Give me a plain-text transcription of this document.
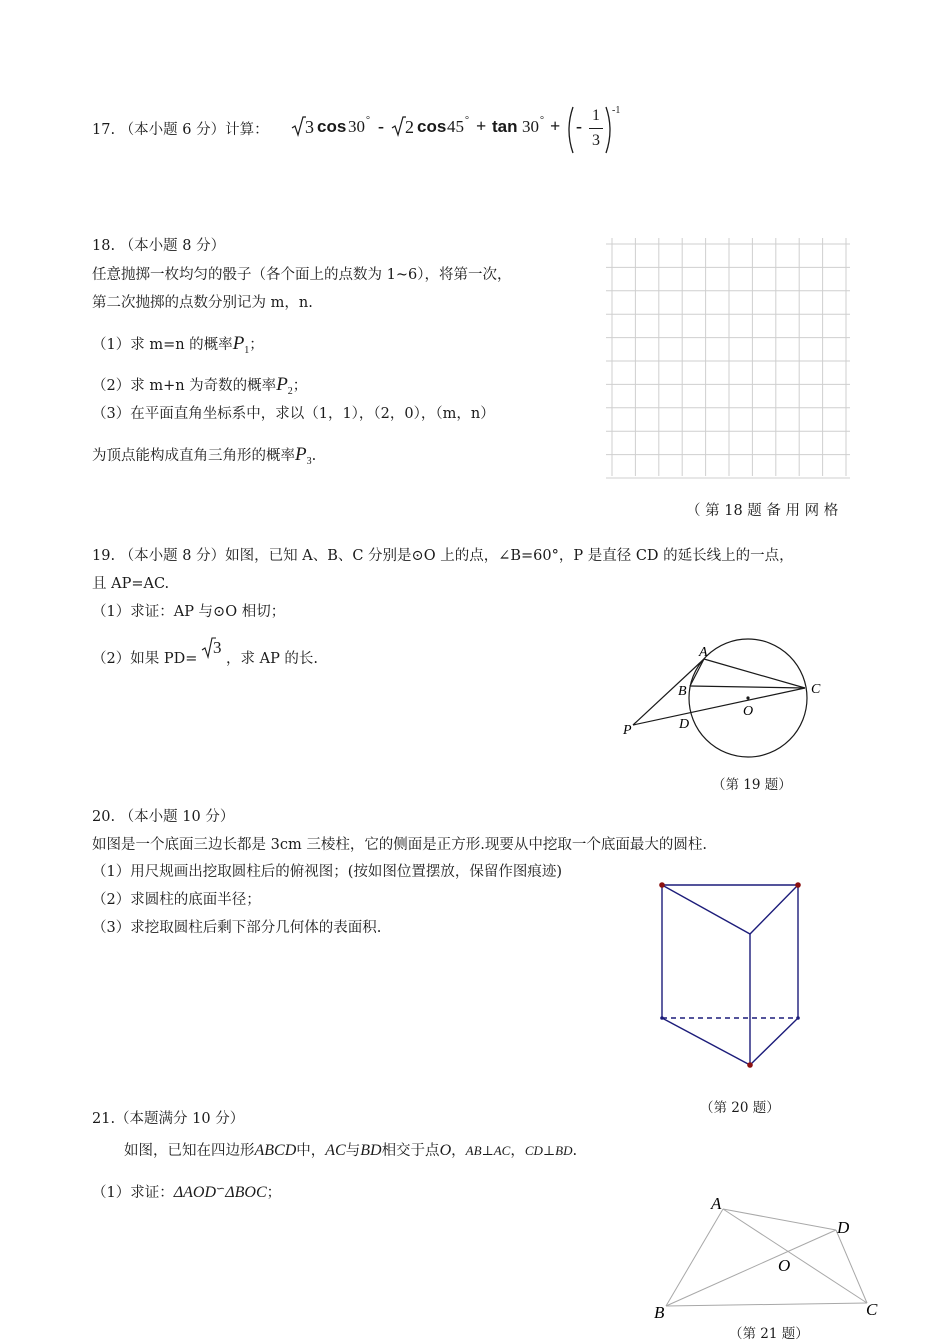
17. （本小题 6 分）计算： 3 cos 30 ° - 2 cos 45 ° + tan 30 ° + -
1
3
-1
18. （本小题 8 分）
任意抛掷一枚均匀的骰子（各个面上的点数为 1~6），将第一次，
第二次抛掷的点数分别记为 m，n.
（1）求 m=n 的概率$P_1$；
（2）求 m+n 为奇数的概率$P_2$；
（3）在平面直角坐标系中，求以（1，1），（2，0），（m，n）
为顶点能构成直角三角形的概率$P_3$.
（ 第 18 题 备 用 网 格
19. （本小题 8 分）如图，已知 A、B、C 分别是⊙O 上的点，∠B=60°，P 是直径 CD 的延长线上的一点，
且 AP=AC.
（1）求证：AP 与⊙O 相切；
（2）如果 PD=
3
，求 AP 的长.	A
B	C
D
O
P
（第 19 题）
20. （本小题 10 分）
如图是一个底面三边长都是 3cm 三棱柱，它的侧面是正方形.现要从中挖取一个底面最大的圆柱.
（1）用尺规画出挖取圆柱后的俯视图；(按如图位置摆放，保留作图痕迹)
（2）求圆柱的底面半径；
（3）求挖取圆柱后剩下部分几何体的表面积.
（第 20 题）
21.（本题满分 10 分）
如图，已知在四边形ABCD中，AC与BD相交于点O，AB⊥AC，CD⊥BD.
（1）求证：ΔAOD∽ΔBOC；
A
B	C
D
O
（第 21 题）
